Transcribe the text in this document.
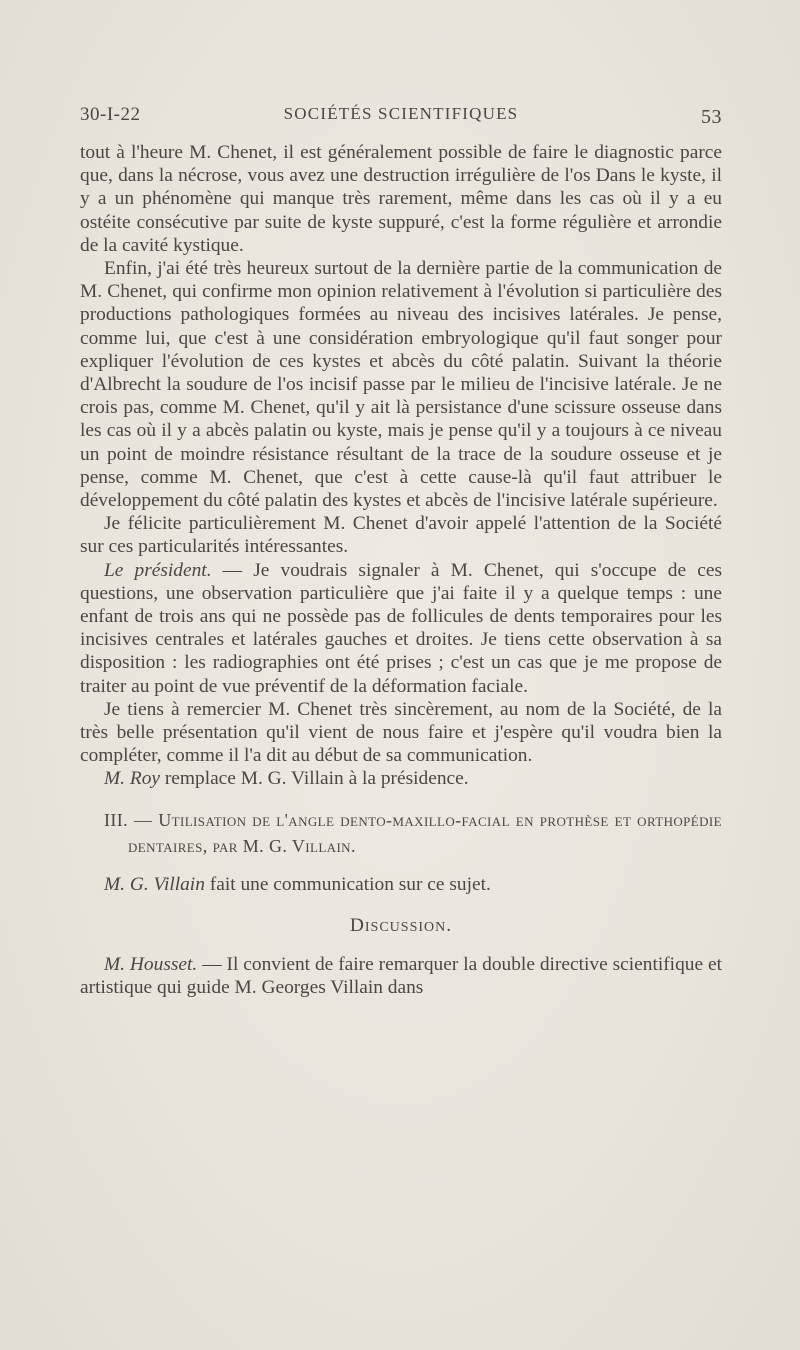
30-I-22	SOCIÉTÉS SCIENTIFIQUES	53

tout à l'heure M. Chenet, il est généralement possible de faire le diagnostic parce que, dans la nécrose, vous avez une destruction irrégulière de l'os Dans le kyste, il y a un phénomène qui manque très rarement, même dans les cas où il y a eu ostéite consécutive par suite de kyste suppuré, c'est la forme régulière et arrondie de la cavité kystique.

Enfin, j'ai été très heureux surtout de la dernière partie de la communication de M. Chenet, qui confirme mon opinion relativement à l'évolution si particulière des productions pathologiques formées au niveau des incisives latérales. Je pense, comme lui, que c'est à une considération embryologique qu'il faut songer pour expliquer l'évolution de ces kystes et abcès du côté palatin. Suivant la théorie d'Albrecht la soudure de l'os incisif passe par le milieu de l'incisive latérale. Je ne crois pas, comme M. Chenet, qu'il y ait là persistance d'une scissure osseuse dans les cas où il y a abcès palatin ou kyste, mais je pense qu'il y a toujours à ce niveau un point de moindre résistance résultant de la trace de la soudure osseuse et je pense, comme M. Chenet, que c'est à cette cause-là qu'il faut attribuer le développement du côté palatin des kystes et abcès de l'incisive latérale supérieure.

Je félicite particulièrement M. Chenet d'avoir appelé l'attention de la Société sur ces particularités intéressantes.

Le président. — Je voudrais signaler à M. Chenet, qui s'occupe de ces questions, une observation particulière que j'ai faite il y a quelque temps : une enfant de trois ans qui ne possède pas de follicules de dents temporaires pour les incisives centrales et latérales gauches et droites. Je tiens cette observation à sa disposition : les radiographies ont été prises ; c'est un cas que je me propose de traiter au point de vue préventif de la déformation faciale.

Je tiens à remercier M. Chenet très sincèrement, au nom de la Société, de la très belle présentation qu'il vient de nous faire et j'espère qu'il voudra bien la compléter, comme il l'a dit au début de sa communication.

M. Roy remplace M. G. Villain à la présidence.

III. — Utilisation de l'angle dento-maxillo-facial en prothèse et orthopédie dentaires, par M. G. Villain.

M. G. Villain fait une communication sur ce sujet.

Discussion.

M. Housset. — Il convient de faire remarquer la double directive scientifique et artistique qui guide M. Georges Villain dans
